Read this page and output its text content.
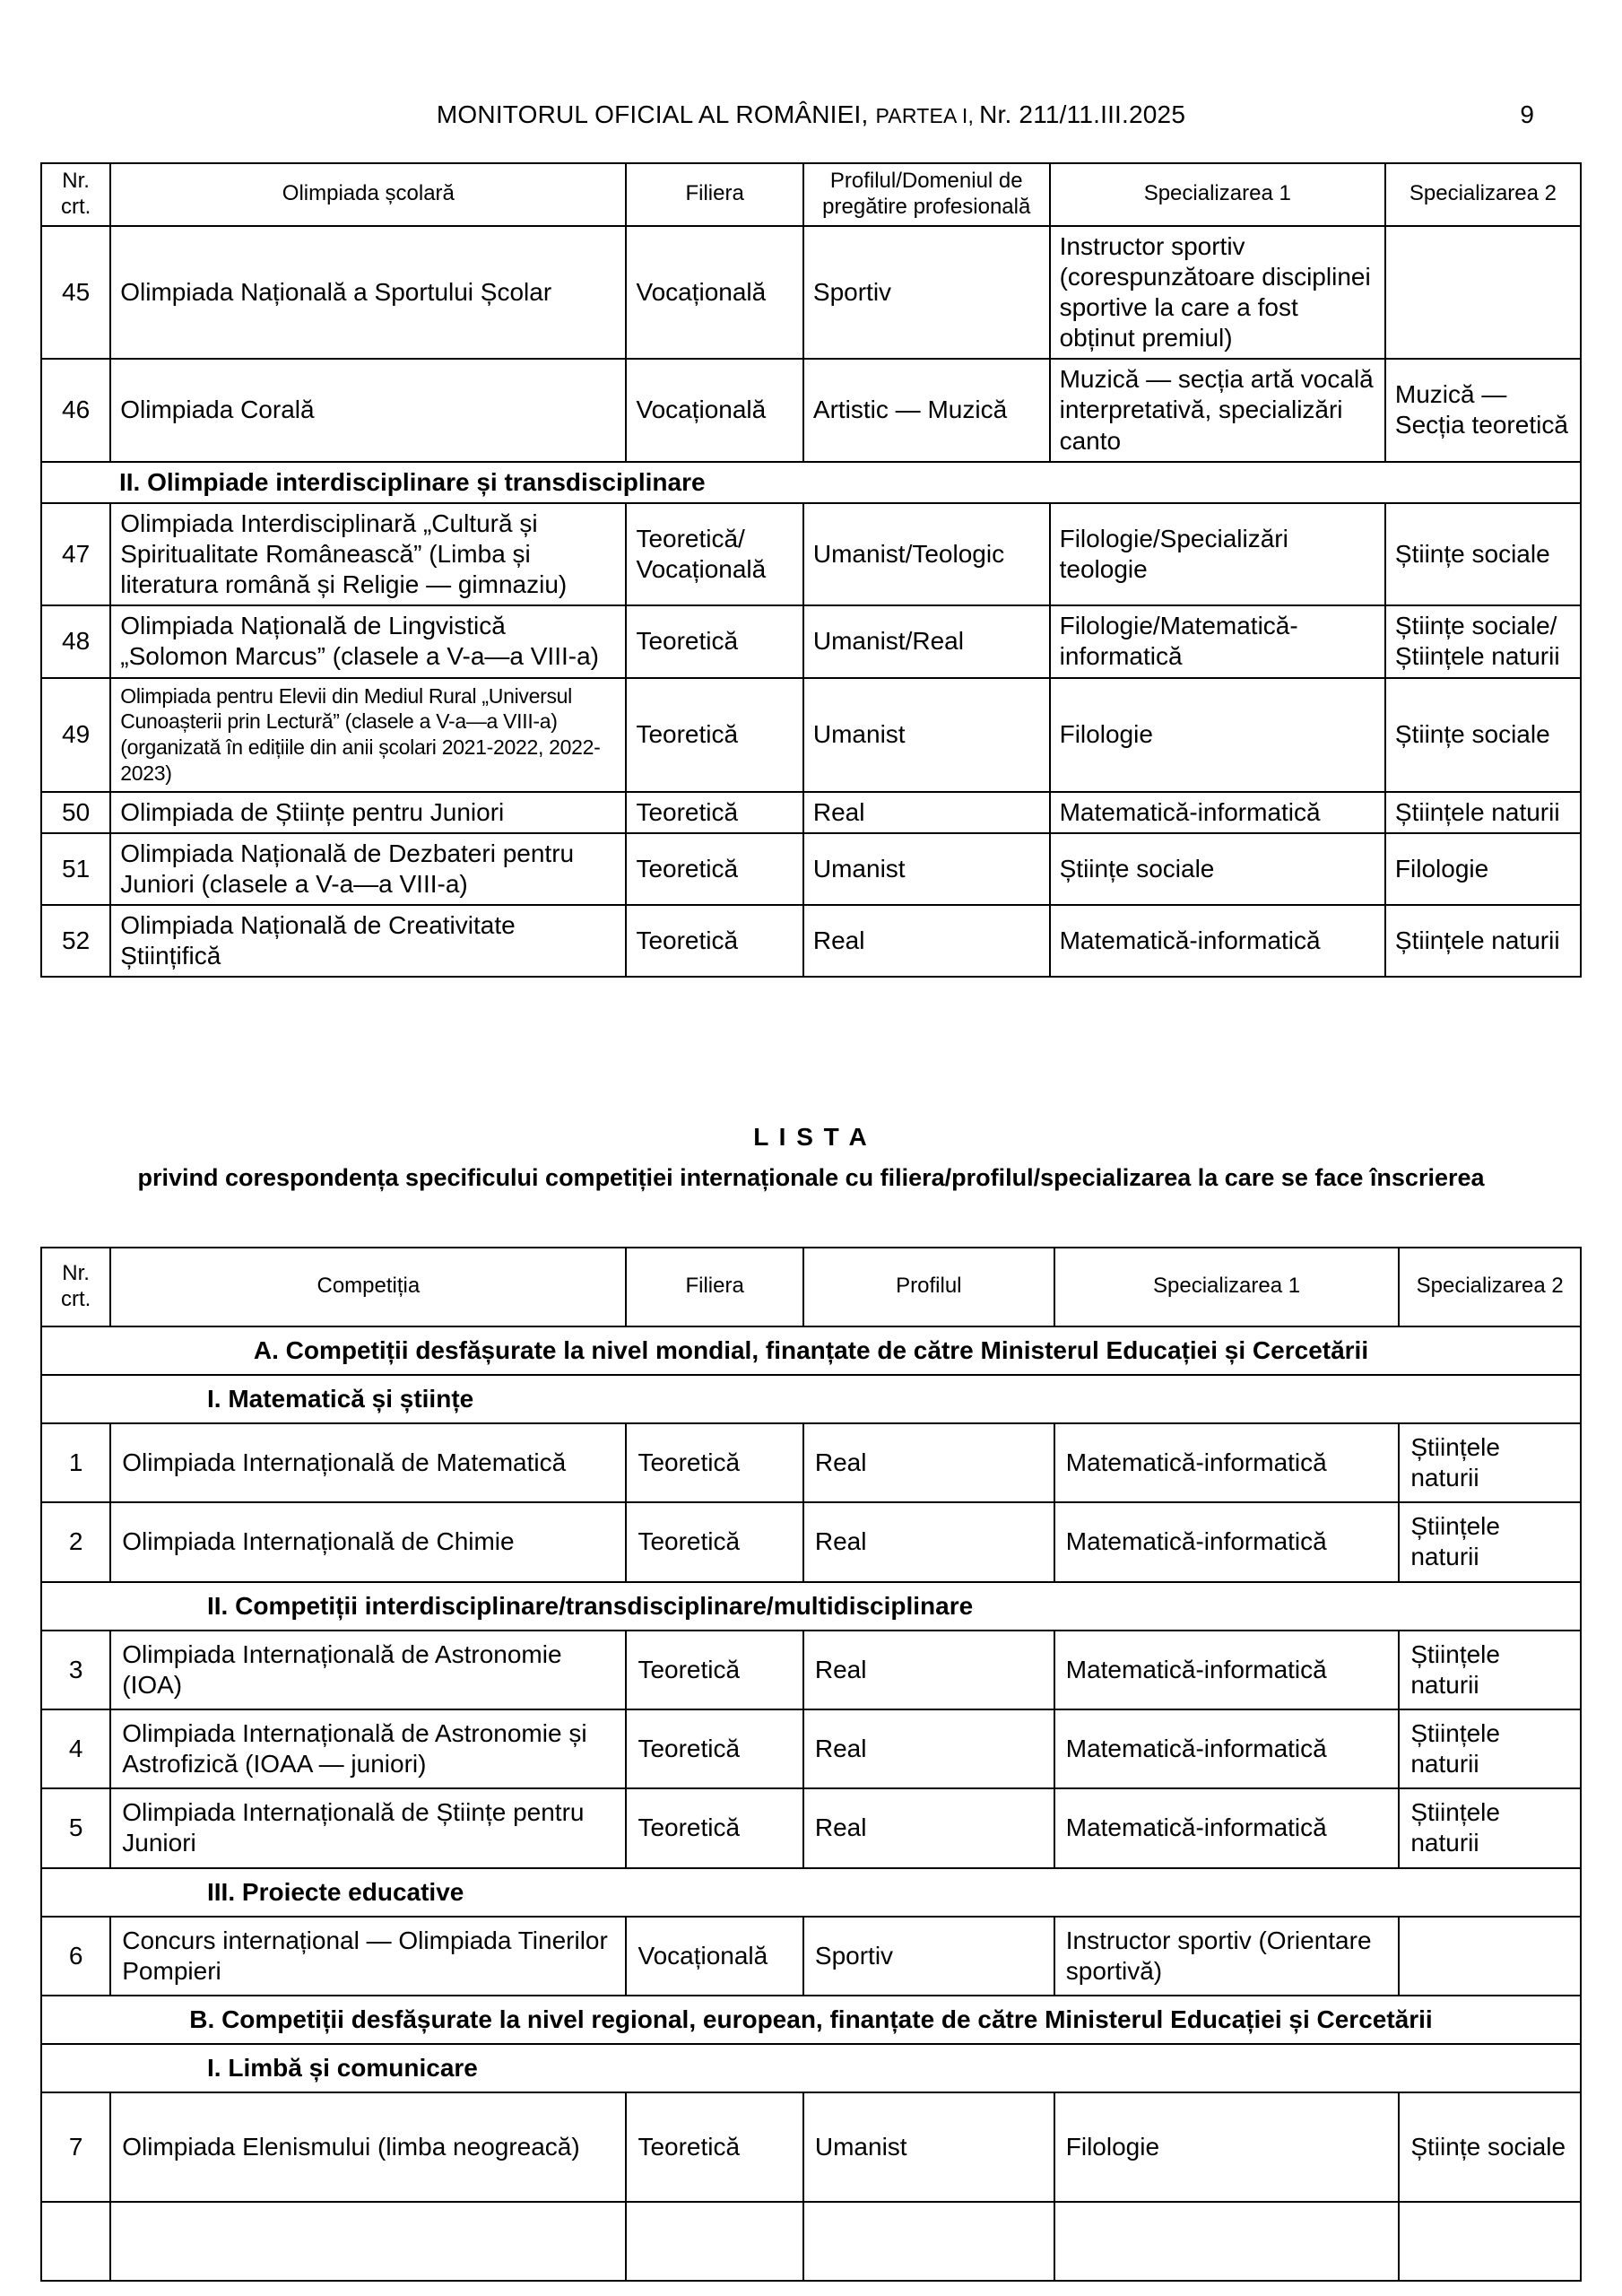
MONITORUL OFICIAL AL ROMÂNIEI, PARTEA I, Nr. 211/11.III.2025	9
Nr. crt.	Olimpiada școlară	Filiera	Profilul/​Domeniul de pregătire profesională	Specializarea 1	Specializarea 2
45	Olimpiada Națională a Sportului Școlar	Vocațională	Sportiv	Instructor sportiv (corespunzătoare disciplinei sportive la care a fost obținut premiul)	
46	Olimpiada Corală	Vocațională	Artistic — Muzică	Muzică — secția artă vocală interpretativă, specializări canto	Muzică — Secția teoretică
II. Olimpiade interdisciplinare și transdisciplinare					
47	Olimpiada Interdisciplinară „Cultură și Spiritualitate Românească” (Limba și literatura română și Religie — gimnaziu)	Teoretică/​Vocațională	Umanist/​Teologic	Filologie/​Specializări teologie	Științe sociale
48	Olimpiada Națională de Lingvistică „Solomon Marcus” (clasele a V-a—a VIII-a)	Teoretică	Umanist/​Real	Filologie/​Matematică-informatică	Științe sociale/​Științele naturii
49	Olimpiada pentru Elevii din Mediul Rural „Universul Cunoașterii prin Lectură” (clasele a V-a—a VIII-a) (organizată în edițiile din anii școlari 2021-2022, 2022-2023)	Teoretică	Umanist	Filologie	Științe sociale
50	Olimpiada de Științe pentru Juniori	Teoretică	Real	Matematică-informatică	Științele naturii
51	Olimpiada Națională de Dezbateri pentru Juniori (clasele a V-a—a VIII-a)	Teoretică	Umanist	Științe sociale	Filologie
52	Olimpiada Națională de Creativitate Științifică	Teoretică	Real	Matematică-informatică	Științele naturii
L I S T A
privind corespondența specificului competiției internaționale cu filiera/profilul/specializarea la care se face înscrierea
Nr. crt.	Competiția	Filiera	Profilul	Specializarea 1	Specializarea 2
A. Competiții desfășurate la nivel mondial, finanțate de către Ministerul Educației și Cercetării					
I. Matematică și științe					
1	Olimpiada Internațională de Matematică	Teoretică	Real	Matematică-informatică	Științele naturii
2	Olimpiada Internațională de Chimie	Teoretică	Real	Matematică-informatică	Științele naturii
II. Competiții interdisciplinare/​transdisciplinare/​multidisciplinare					
3	Olimpiada Internațională de Astronomie (IOA)	Teoretică	Real	Matematică-informatică	Științele naturii
4	Olimpiada Internațională de Astronomie și Astrofizică (IOAA — juniori)	Teoretică	Real	Matematică-informatică	Științele naturii
5	Olimpiada Internațională de Științe pentru Juniori	Teoretică	Real	Matematică-informatică	Științele naturii
III. Proiecte educative					
6	Concurs internațional — Olimpiada Tinerilor Pompieri	Vocațională	Sportiv	Instructor sportiv (Orientare sportivă)	
B. Competiții desfășurate la nivel regional, european, finanțate de către Ministerul Educației și Cercetării					
I. Limbă și comunicare					
7	Olimpiada Elenismului (limba neogreacă)	Teoretică	Umanist	Filologie	Științe sociale
